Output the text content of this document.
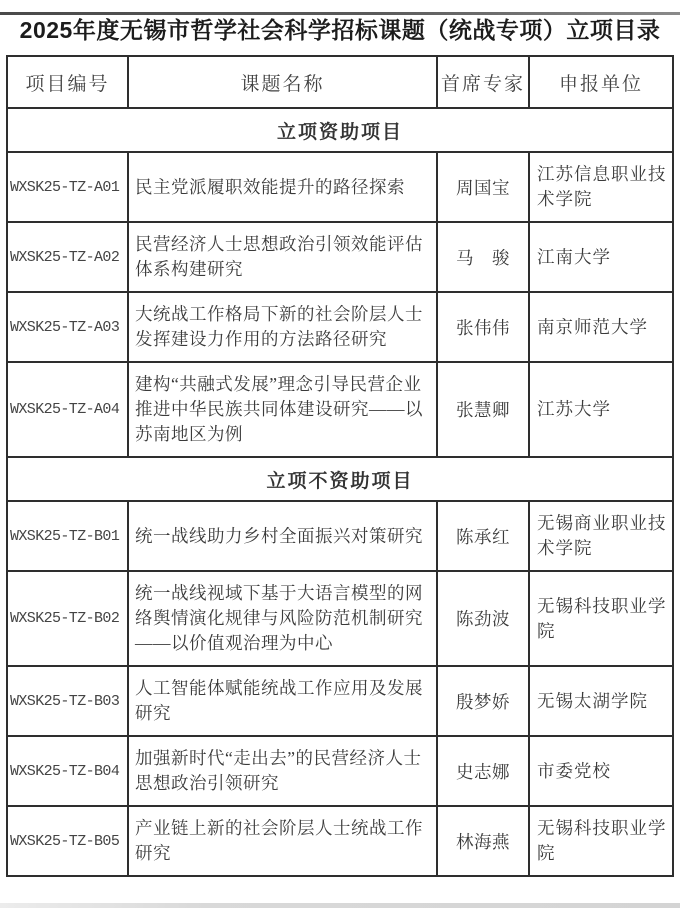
2025年度无锡市哲学社会科学招标课题（统战专项）立项目录
项目编号	课题名称	首席专家	申报单位
立项资助项目			
WXSK25-TZ-A01	民主党派履职效能提升的路径探索	周国宝	江苏信息职业技术学院
WXSK25-TZ-A02	民营经济人士思想政治引领效能评估体系构建研究	马　骏	江南大学
WXSK25-TZ-A03	大统战工作格局下新的社会阶层人士发挥建设力作用的方法路径研究	张伟伟	南京师范大学
WXSK25-TZ-A04	建构“共融式发展”理念引导民营企业推进中华民族共同体建设研究——以苏南地区为例	张慧卿	江苏大学
立项不资助项目			
WXSK25-TZ-B01	统一战线助力乡村全面振兴对策研究	陈承红	无锡商业职业技术学院
WXSK25-TZ-B02	统一战线视域下基于大语言模型的网络舆情演化规律与风险防范机制研究——以价值观治理为中心	陈劲波	无锡科技职业学院
WXSK25-TZ-B03	人工智能体赋能统战工作应用及发展研究	殷梦娇	无锡太湖学院
WXSK25-TZ-B04	加强新时代“走出去”的民营经济人士思想政治引领研究	史志娜	市委党校
WXSK25-TZ-B05	产业链上新的社会阶层人士统战工作研究	林海燕	无锡科技职业学院
